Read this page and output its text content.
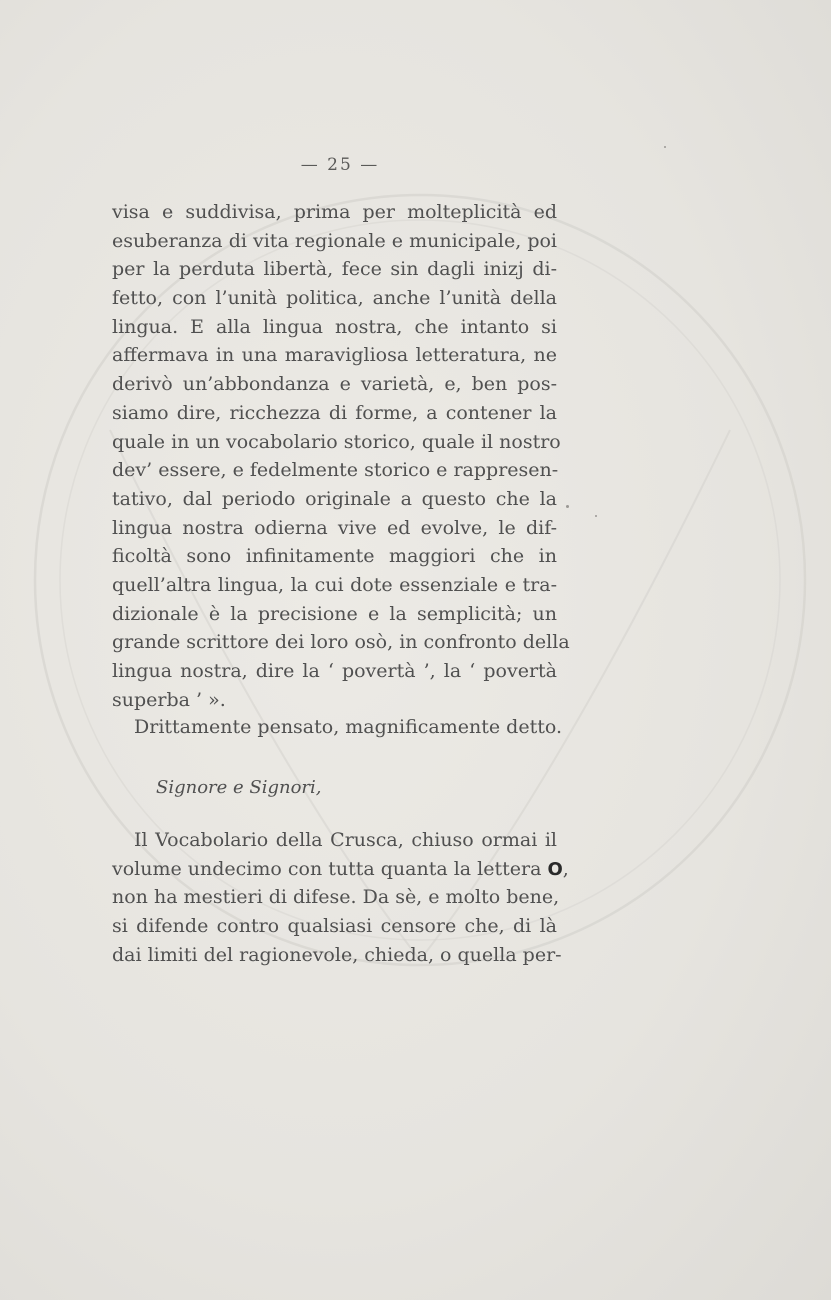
— 25 —
visa e suddivisa, prima per molteplicità ed
esuberanza di vita regionale e municipale, poi
per la perduta libertà, fece sin dagli inizj di-
fetto, con l’unità politica, anche l’unità della
lingua. E alla lingua nostra, che intanto si
affermava in una maravigliosa letteratura, ne
derivò un’abbondanza e varietà, e, ben pos-
siamo dire, ricchezza di forme, a contener la
quale in un vocabolario storico, quale il nostro
dev’ essere, e fedelmente storico e rappresen-
tativo, dal periodo originale a questo che la
lingua nostra odierna vive ed evolve, le dif-
ficoltà sono infinitamente maggiori che in
quell’altra lingua, la cui dote essenziale e tra-
dizionale è la precisione e la semplicità; un
grande scrittore dei loro osò, in confronto della
lingua nostra, dire la ‘ povertà ’, la ‘ povertà
superba ’ ».
Drittamente pensato, magnificamente detto.
Signore e Signori,
Il Vocabolario della Crusca, chiuso ormai il
volume undecimo con tutta quanta la lettera O,
non ha mestieri di difese. Da sè, e molto bene,
si difende contro qualsiasi censore che, di là
dai limiti del ragionevole, chieda, o quella per-
